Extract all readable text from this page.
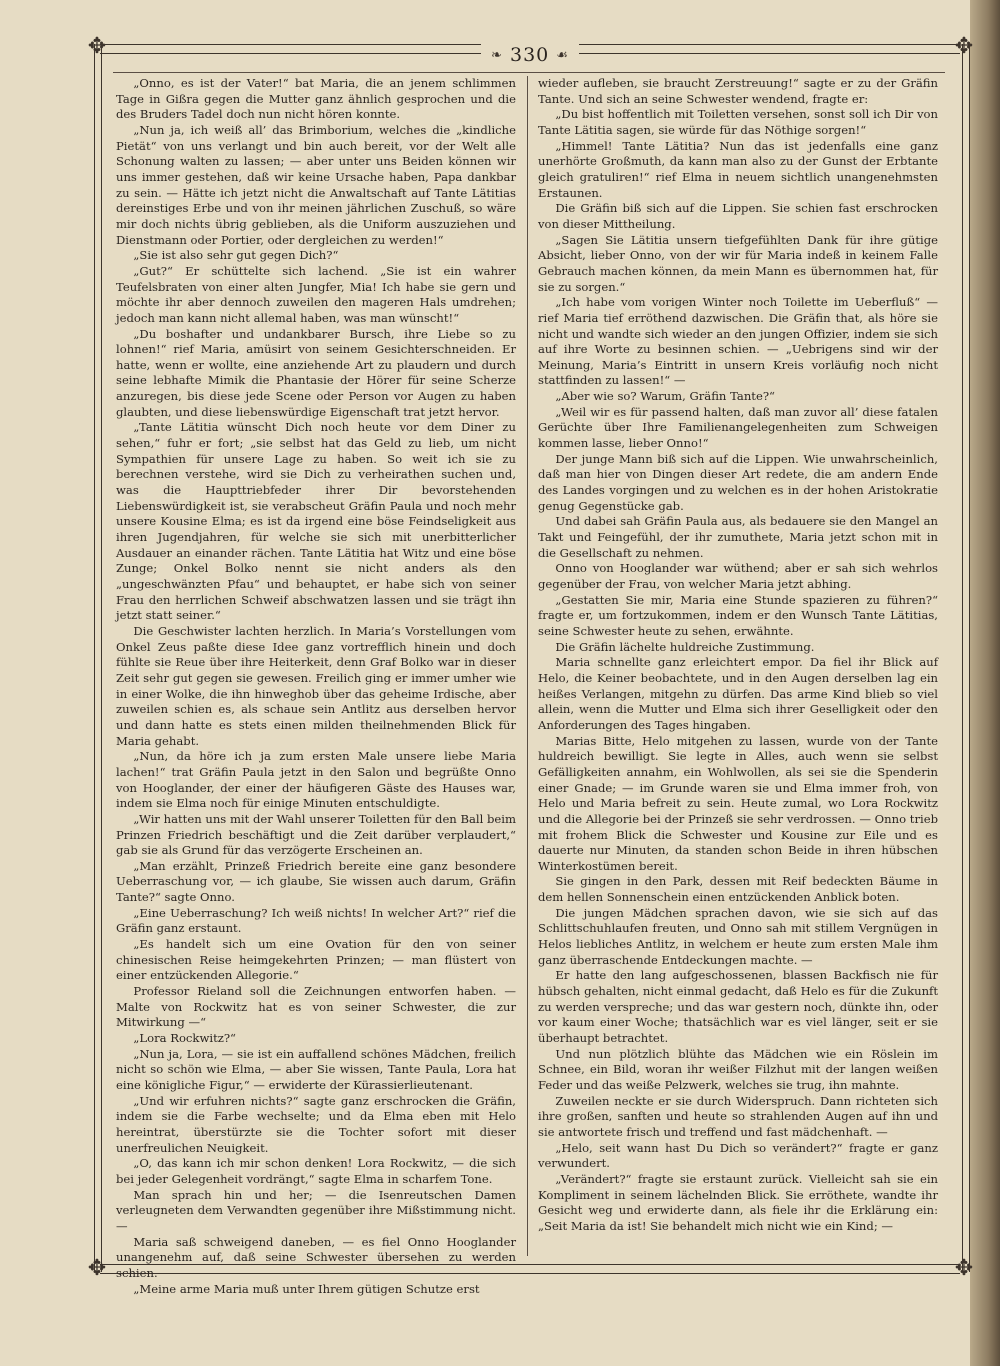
✥	✥
✥	✥
❧ 330 ☙

„Onno, es ist der Vater!“ bat Maria, die an jenem schlimmen Tage in Gißra gegen die Mutter ganz ähnlich gesprochen und die des Bruders Tadel doch nun nicht hören konnte.

„Nun ja, ich weiß all’ das Brimborium, welches die „kindliche Pietät“ von uns verlangt und bin auch bereit, vor der Welt alle Schonung walten zu lassen; — aber unter uns Beiden können wir uns immer gestehen, daß wir keine Ursache haben, Papa dankbar zu sein. — Hätte ich jetzt nicht die Anwaltschaft auf Tante Lätitias dereinstiges Erbe und von ihr meinen jährlichen Zuschuß, so wäre mir doch nichts übrig geblieben, als die Uniform auszuziehen und Dienstmann oder Portier, oder dergleichen zu werden!“

„Sie ist also sehr gut gegen Dich?“

„Gut?“ Er schüttelte sich lachend. „Sie ist ein wahrer Teufelsbraten von einer alten Jungfer, Mia! Ich habe sie gern und möchte ihr aber dennoch zuweilen den mageren Hals umdrehen; jedoch man kann nicht allemal haben, was man wünscht!“

„Du boshafter und undankbarer Bursch, ihre Liebe so zu lohnen!“ rief Maria, amüsirt von seinem Gesichterschneiden. Er hatte, wenn er wollte, eine anziehende Art zu plaudern und durch seine lebhafte Mimik die Phantasie der Hörer für seine Scherze anzuregen, bis diese jede Scene oder Person vor Augen zu haben glaubten, und diese liebenswürdige Eigenschaft trat jetzt hervor.

„Tante Lätitia wünscht Dich noch heute vor dem Diner zu sehen,“ fuhr er fort; „sie selbst hat das Geld zu lieb, um nicht Sympathien für unsere Lage zu haben. So weit ich sie zu berechnen verstehe, wird sie Dich zu verheirathen suchen und, was die Haupttriebfeder ihrer Dir bevorstehenden Liebenswürdigkeit ist, sie verabscheut Gräfin Paula und noch mehr unsere Kousine Elma; es ist da irgend eine böse Feindseligkeit aus ihren Jugendjahren, für welche sie sich mit unerbitterlicher Ausdauer an einander rächen. Tante Lätitia hat Witz und eine böse Zunge; Onkel Bolko nennt sie nicht anders als den „ungeschwänzten Pfau“ und behauptet, er habe sich von seiner Frau den herrlichen Schweif abschwatzen lassen und sie trägt ihn jetzt statt seiner.“

Die Geschwister lachten herzlich. In Maria’s Vorstellungen vom Onkel Zeus paßte diese Idee ganz vortrefflich hinein und doch fühlte sie Reue über ihre Heiterkeit, denn Graf Bolko war in dieser Zeit sehr gut gegen sie gewesen. Freilich ging er immer umher wie in einer Wolke, die ihn hinweghob über das geheime Irdische, aber zuweilen schien es, als schaue sein Antlitz aus derselben hervor und dann hatte es stets einen milden theilnehmenden Blick für Maria gehabt.

„Nun, da höre ich ja zum ersten Male unsere liebe Maria lachen!“ trat Gräfin Paula jetzt in den Salon und begrüßte Onno von Hooglander, der einer der häufigeren Gäste des Hauses war, indem sie Elma noch für einige Minuten entschuldigte.

„Wir hatten uns mit der Wahl unserer Toiletten für den Ball beim Prinzen Friedrich beschäftigt und die Zeit darüber verplaudert,“ gab sie als Grund für das verzögerte Erscheinen an.

„Man erzählt, Prinzeß Friedrich bereite eine ganz besondere Ueberraschung vor, — ich glaube, Sie wissen auch darum, Gräfin Tante?“ sagte Onno.

„Eine Ueberraschung? Ich weiß nichts! In welcher Art?“ rief die Gräfin ganz erstaunt.

„Es handelt sich um eine Ovation für den von seiner chinesischen Reise heimgekehrten Prinzen; — man flüstert von einer entzückenden Allegorie.“

Professor Rieland soll die Zeichnungen entworfen haben. — Malte von Rockwitz hat es von seiner Schwester, die zur Mitwirkung —“

„Lora Rockwitz?“

„Nun ja, Lora, — sie ist ein auffallend schönes Mädchen, freilich nicht so schön wie Elma, — aber Sie wissen, Tante Paula, Lora hat eine königliche Figur,“ — erwiderte der Kürassierlieutenant.

„Und wir erfuhren nichts?“ sagte ganz erschrocken die Gräfin, indem sie die Farbe wechselte; und da Elma eben mit Helo hereintrat, überstürzte sie die Tochter sofort mit dieser unerfreulichen Neuigkeit.

„O, das kann ich mir schon denken! Lora Rockwitz, — die sich bei jeder Gelegenheit vordrängt,“ sagte Elma in scharfem Tone.

Man sprach hin und her; — die Isenreutschen Damen verleugneten dem Verwandten gegenüber ihre Mißstimmung nicht. —

Maria saß schweigend daneben, — es fiel Onno Hooglander unangenehm auf, daß seine Schwester übersehen zu werden schien.

„Meine arme Maria muß unter Ihrem gütigen Schutze erst

wieder aufleben, sie braucht Zerstreuung!“ sagte er zu der Gräfin Tante. Und sich an seine Schwester wendend, fragte er:

„Du bist hoffentlich mit Toiletten versehen, sonst soll ich Dir von Tante Lätitia sagen, sie würde für das Nöthige sorgen!“

„Himmel! Tante Lätitia? Nun das ist jedenfalls eine ganz unerhörte Großmuth, da kann man also zu der Gunst der Erbtante gleich gratuliren!“ rief Elma in neuem sichtlich unangenehmsten Erstaunen.

Die Gräfin biß sich auf die Lippen. Sie schien fast erschrocken von dieser Mittheilung.

„Sagen Sie Lätitia unsern tiefgefühlten Dank für ihre gütige Absicht, lieber Onno, von der wir für Maria indeß in keinem Falle Gebrauch machen können, da mein Mann es übernommen hat, für sie zu sorgen.“

„Ich habe vom vorigen Winter noch Toilette im Ueberfluß“ — rief Maria tief erröthend dazwischen. Die Gräfin that, als höre sie nicht und wandte sich wieder an den jungen Offizier, indem sie sich auf ihre Worte zu besinnen schien. — „Uebrigens sind wir der Meinung, Maria’s Eintritt in unsern Kreis vorläufig noch nicht stattfinden zu lassen!“ —

„Aber wie so? Warum, Gräfin Tante?“

„Weil wir es für passend halten, daß man zuvor all’ diese fatalen Gerüchte über Ihre Familienangelegenheiten zum Schweigen kommen lasse, lieber Onno!“

Der junge Mann biß sich auf die Lippen. Wie unwahrscheinlich, daß man hier von Dingen dieser Art redete, die am andern Ende des Landes vorgingen und zu welchen es in der hohen Aristokratie genug Gegenstücke gab.

Und dabei sah Gräfin Paula aus, als bedauere sie den Mangel an Takt und Feingefühl, der ihr zumuthete, Maria jetzt schon mit in die Gesellschaft zu nehmen.

Onno von Hooglander war wüthend; aber er sah sich wehrlos gegenüber der Frau, von welcher Maria jetzt abhing.

„Gestatten Sie mir, Maria eine Stunde spazieren zu führen?“ fragte er, um fortzukommen, indem er den Wunsch Tante Lätitias, seine Schwester heute zu sehen, erwähnte.

Die Gräfin lächelte huldreiche Zustimmung.

Maria schnellte ganz erleichtert empor. Da fiel ihr Blick auf Helo, die Keiner beobachtete, und in den Augen derselben lag ein heißes Verlangen, mitgehn zu dürfen. Das arme Kind blieb so viel allein, wenn die Mutter und Elma sich ihrer Geselligkeit oder den Anforderungen des Tages hingaben.

Marias Bitte, Helo mitgehen zu lassen, wurde von der Tante huldreich bewilligt. Sie legte in Alles, auch wenn sie selbst Gefälligkeiten annahm, ein Wohlwollen, als sei sie die Spenderin einer Gnade; — im Grunde waren sie und Elma immer froh, von Helo und Maria befreit zu sein. Heute zumal, wo Lora Rockwitz und die Allegorie bei der Prinzeß sie sehr verdrossen. — Onno trieb mit frohem Blick die Schwester und Kousine zur Eile und es dauerte nur Minuten, da standen schon Beide in ihren hübschen Winterkostümen bereit.

Sie gingen in den Park, dessen mit Reif bedeckten Bäume in dem hellen Sonnenschein einen entzückenden Anblick boten.

Die jungen Mädchen sprachen davon, wie sie sich auf das Schlittschuhlaufen freuten, und Onno sah mit stillem Vergnügen in Helos liebliches Antlitz, in welchem er heute zum ersten Male ihm ganz überraschende Entdeckungen machte. —

Er hatte den lang aufgeschossenen, blassen Backfisch nie für hübsch gehalten, nicht einmal gedacht, daß Helo es für die Zukunft zu werden verspreche; und das war gestern noch, dünkte ihn, oder vor kaum einer Woche; thatsächlich war es viel länger, seit er sie überhaupt betrachtet.

Und nun plötzlich blühte das Mädchen wie ein Röslein im Schnee, ein Bild, woran ihr weißer Filzhut mit der langen weißen Feder und das weiße Pelzwerk, welches sie trug, ihn mahnte.

Zuweilen neckte er sie durch Widerspruch. Dann richteten sich ihre großen, sanften und heute so strahlenden Augen auf ihn und sie antwortete frisch und treffend und fast mädchenhaft. —

„Helo, seit wann hast Du Dich so verändert?“ fragte er ganz verwundert.

„Verändert?“ fragte sie erstaunt zurück. Vielleicht sah sie ein Kompliment in seinem lächelnden Blick. Sie erröthete, wandte ihr Gesicht weg und erwiderte dann, als fiele ihr die Erklärung ein: „Seit Maria da ist! Sie behandelt mich nicht wie ein Kind; —
